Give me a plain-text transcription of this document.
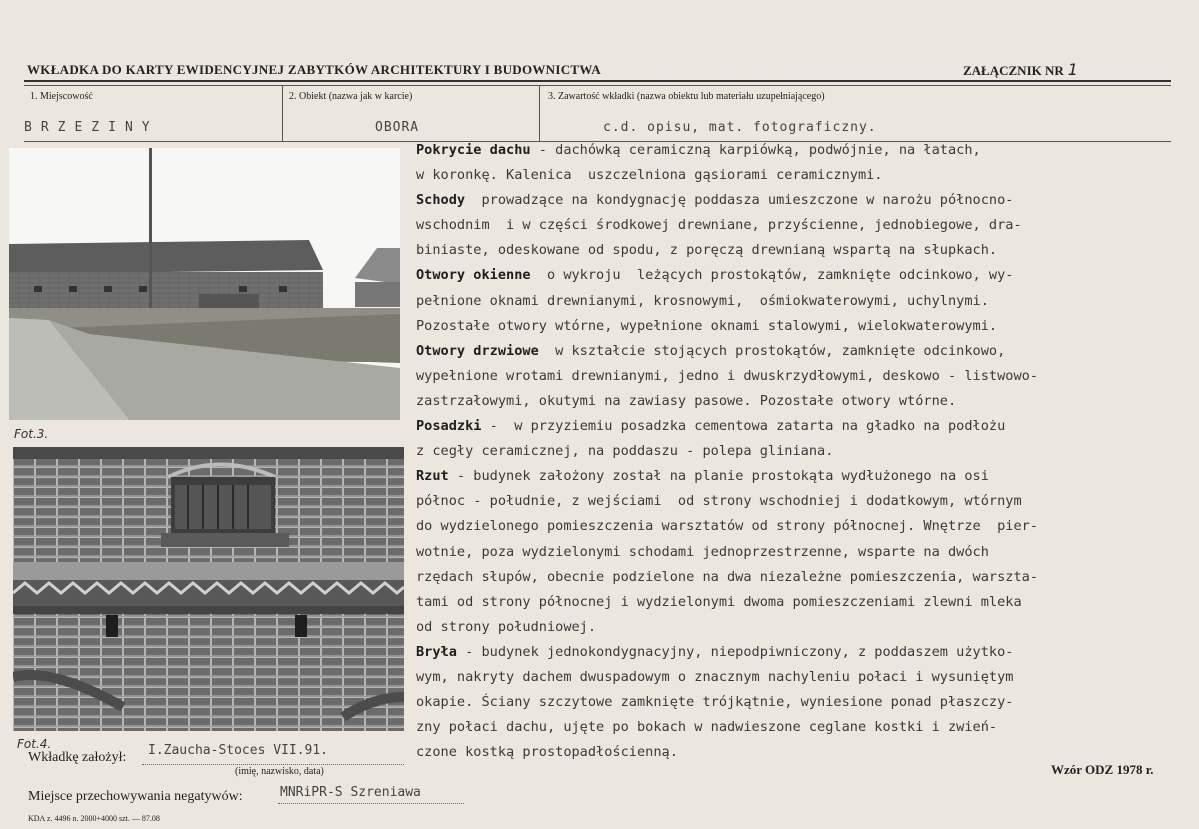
WKŁADKA DO KARTY EWIDENCYJNEJ ZABYTKÓW ARCHITEKTURY I BUDOWNICTWA	ZAŁĄCZNIK NR 1
1. Miejscowość	2. Obiekt (nazwa jak w karcie)	3. Zawartość wkładki (nazwa obiektu lub materiału uzupełniającego)
BRZEZINY	OBORA	c.d. opisu, mat. fotograficzny.
Fot.3.
Fot.4.
Pokrycie dachu - dachówką ceramiczną karpiówką, podwójnie, na łatach,
w koronkę. Kalenica  uszczelniona gąsiorami ceramicznymi.
Schody  prowadzące na kondygnację poddasza umieszczone w narożu północno-
wschodnim  i w części środkowej drewniane, przyścienne, jednobiegowe, dra-
biniaste, odeskowane od spodu, z poręczą drewnianą wspartą na słupkach.
Otwory okienne  o wykroju  leżących prostokątów, zamknięte odcinkowo, wy-
pełnione oknami drewnianymi, krosnowymi,  ośmiokwaterowymi, uchylnymi.
Pozostałe otwory wtórne, wypełnione oknami stalowymi, wielokwaterowymi.
Otwory drzwiowe  w kształcie stojących prostokątów, zamknięte odcinkowo,
wypełnione wrotami drewnianymi, jedno i dwuskrzydłowymi, deskowo - listwowo-
zastrzałowymi, okutymi na zawiasy pasowe. Pozostałe otwory wtórne.
Posadzki -  w przyziemiu posadzka cementowa zatarta na gładko na podłożu
z cegły ceramicznej, na poddaszu - polepa gliniana.
Rzut - budynek założony został na planie prostokąta wydłużonego na osi
północ - południe, z wejściami  od strony wschodniej i dodatkowym, wtórnym
do wydzielonego pomieszczenia warsztatów od strony północnej. Wnętrze  pier-
wotnie, poza wydzielonymi schodami jednoprzestrzenne, wsparte na dwóch
rzędach słupów, obecnie podzielone na dwa niezależne pomieszczenia, warszta-
tami od strony północnej i wydzielonymi dwoma pomieszczeniami zlewni mleka
od strony południowej.
Bryła - budynek jednokondygnacyjny, niepodpiwniczony, z poddaszem użytko-
wym, nakryty dachem dwuspadowym o znacznym nachyleniu połaci i wysuniętym
okapie. Ściany szczytowe zamknięte trójkątnie, wyniesione ponad płaszczy-
zny połaci dachu, ujęte po bokach w nadwieszone ceglane kostki i zwień-
czone kostką prostopadłościenną.
Wkładkę założył: I.Zaucha-Stoces VII.91.
(imię, nazwisko, data)
Miejsce przechowywania negatywów:	MNRiPR-S Szreniawa
KDA z. 4496 n. 2000+4000 szt. — 87.08
Wzór ODZ 1978 r.
